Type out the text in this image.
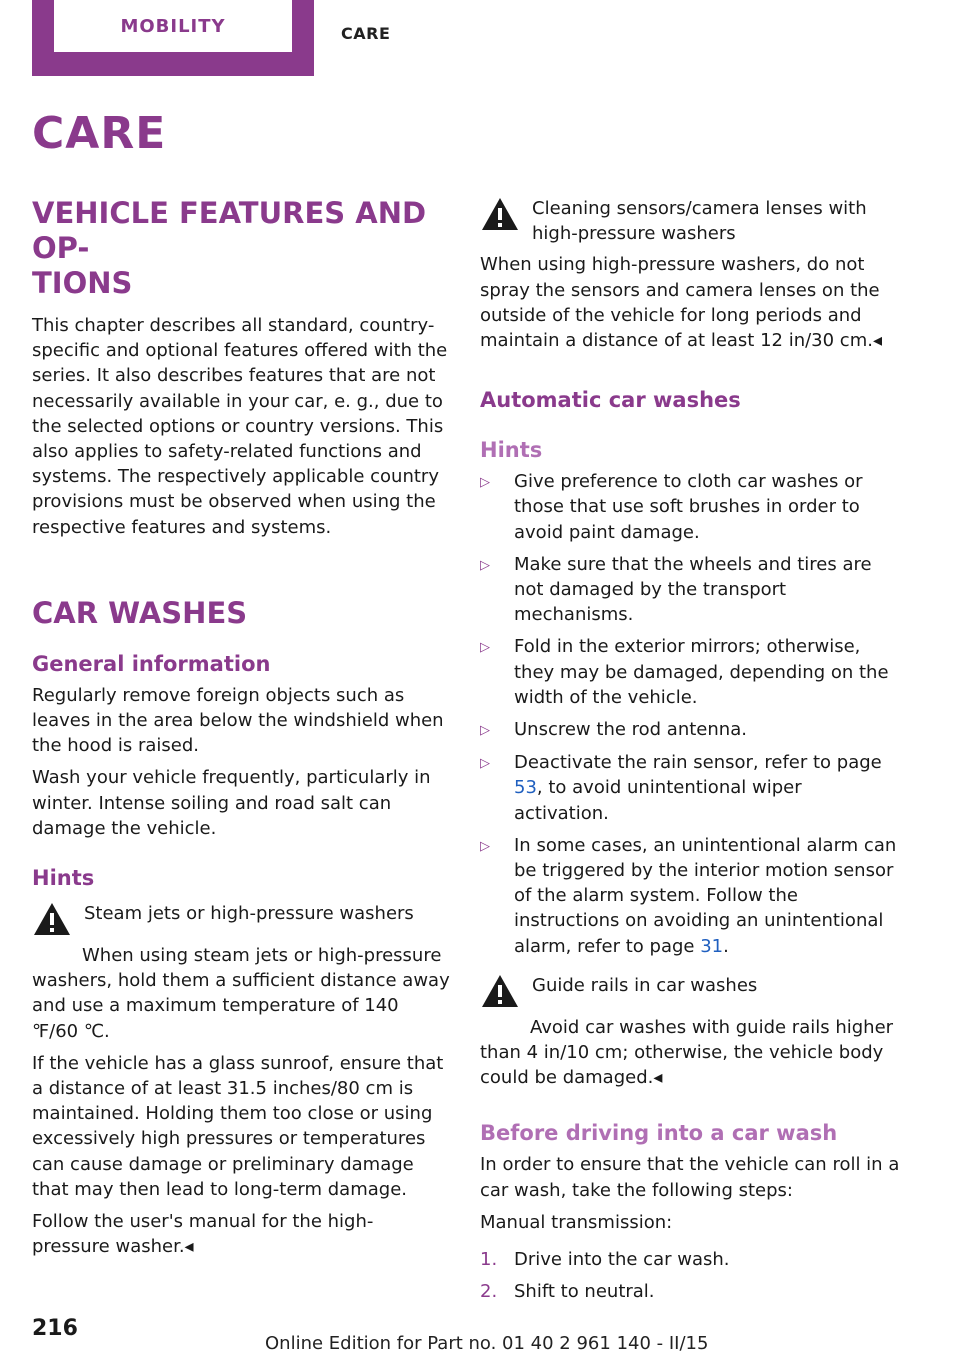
MOBILITY	CARE
CARE
VEHICLE FEATURES AND OP-
TIONS

This chapter describes all standard, country-specific and optional features offered with the series. It also describes features that are not necessarily available in your car, e. g., due to the selected options or country versions. This also applies to safety-related functions and systems. The respectively applicable country provisions must be observed when using the respective features and systems.

CAR WASHES
General information

Regularly remove foreign objects such as leaves in the area below the windshield when the hood is raised.

Wash your vehicle frequently, particularly in winter. Intense soiling and road salt can damage the vehicle.

Hints

Steam jets or high-pressure washers

When using steam jets or high-pressure washers, hold them a sufficient distance away and use a maximum temperature of 140 ℉/60 ℃.

If the vehicle has a glass sunroof, ensure that a distance of at least 31.5 inches/80 cm is maintained. Holding them too close or using excessively high pressures or temperatures can cause damage or preliminary damage that may then lead to long-term damage.

Follow the user's manual for the high-pressure washer.◂

Cleaning sensors/camera lenses with high-pressure washers

When using high-pressure washers, do not spray the sensors and camera lenses on the outside of the vehicle for long periods and maintain a distance of at least 12 in/30 cm.◂

Automatic car washes
Hints
▷	Give preference to cloth car washes or those that use soft brushes in order to avoid paint damage.
▷	Make sure that the wheels and tires are not damaged by the transport mechanisms.
▷	Fold in the exterior mirrors; otherwise, they may be damaged, depending on the width of the vehicle.
▷	Unscrew the rod antenna.
▷	Deactivate the rain sensor, refer to page 53, to avoid unintentional wiper activation.
▷	In some cases, an unintentional alarm can be triggered by the interior motion sensor of the alarm system. Follow the instructions on avoiding an unintentional alarm, refer to page 31.

Guide rails in car washes

Avoid car washes with guide rails higher than 4 in/10 cm; otherwise, the vehicle body could be damaged.◂

Before driving into a car wash

In order to ensure that the vehicle can roll in a car wash, take the following steps:

Manual transmission:

1. Drive into the car wash.
2. Shift to neutral.
216
Online Edition for Part no. 01 40 2 961 140 - II/15
